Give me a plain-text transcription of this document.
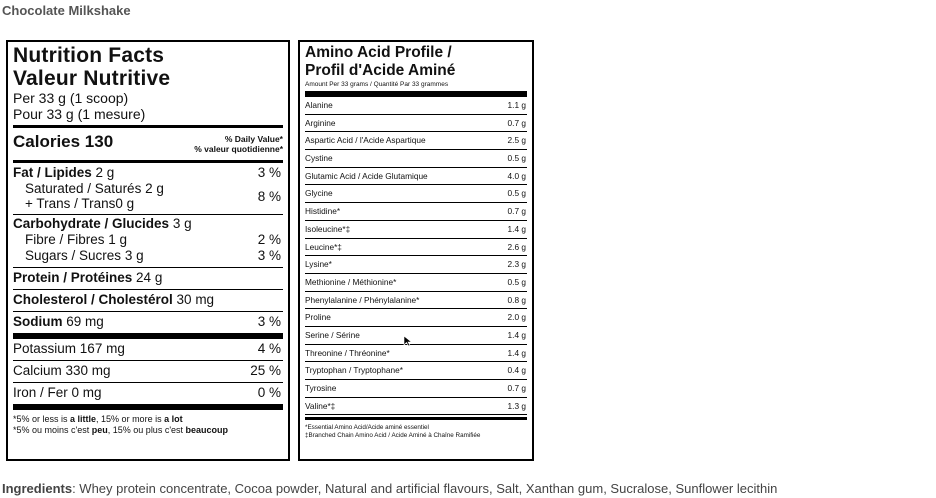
Chocolate Milkshake
Nutrition Facts
Valeur Nutritive
Per 33 g (1 scoop)
Pour 33 g (1 mesure)
Calories 130	% Daily Value*
% valeur quotidienne*
Fat / Lipides 2 g	3 %
Saturated / Saturés 2 g
+ Trans / Trans0 g	8 %
Carbohydrate / Glucides 3 g
Fibre / Fibres 1 g	2 %
Sugars / Sucres 3 g	3 %
Protein / Protéines 24 g
Cholesterol / Cholestérol 30 mg
Sodium 69 mg	3 %
Potassium 167 mg	4 %
Calcium 330 mg	25 %
Iron / Fer 0 mg	0 %
*5% or less is a little, 15% or more is a lot
*5% ou moins c'est peu, 15% ou plus c'est beaucoup
Amino Acid Profile /
Profil d'Acide Aminé
Amount Per 33 grams / Quantité Par 33 grammes
Alanine	1.1 g
Arginine	0.7 g
Aspartic Acid / l'Acide Aspartique	2.5 g
Cystine	0.5 g
Glutamic Acid / Acide Glutamique	4.0 g
Glycine	0.5 g
Histidine*	0.7 g
Isoleucine*‡	1.4 g
Leucine*‡	2.6 g
Lysine*	2.3 g
Methionine / Méthionine*	0.5 g
Phenylalanine / Phénylalanine*	0.8 g
Proline	2.0 g
Serine / Sérine	1.4 g
Threonine / Thréonine*	1.4 g
Tryptophan / Tryptophane*	0.4 g
Tyrosine	0.7 g
Valine*‡	1.3 g
*Essential Amino Acid/Acide aminé essentiel
‡Branched Chain Amino Acid / Acide Aminé à Chaîne Ramifiée
Ingredients: Whey protein concentrate, Cocoa powder, Natural and artificial flavours, Salt, Xanthan gum, Sucralose, Sunflower lecithin
